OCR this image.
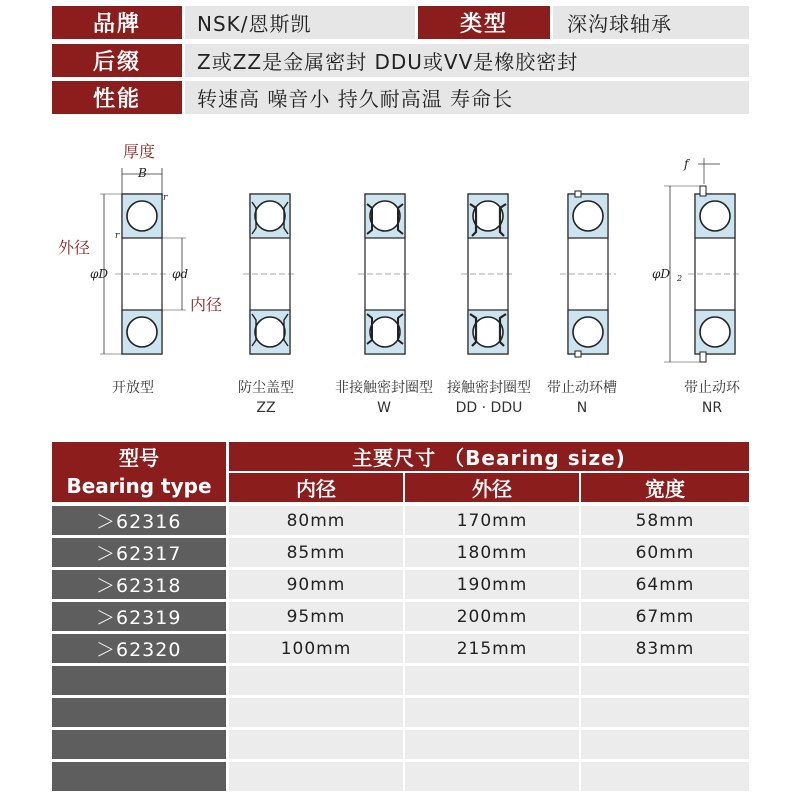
品牌	NSK/恩斯凯	类型	深沟球轴承
后缀	Z或ZZ是金属密封 DDU或VV是橡胶密封
性能	转速高 噪音小 持久耐高温 寿命长
厚度
外径
内径
B
r
r
φD	φd
f
φD 2
开放型	防尘盖型
ZZ
非接触密封圈型
W
接触密封圈型
DD · DDU
带止动环槽
N
带止动环
NR
型号
Bearing type
主要尺寸 （Bearing size)
内径	外径	宽度
＞62316	80mm	170mm	58mm
＞62317	85mm	180mm	60mm
＞62318	90mm	190mm	64mm
＞62319	95mm	200mm	67mm
＞62320	100mm	215mm	83mm
